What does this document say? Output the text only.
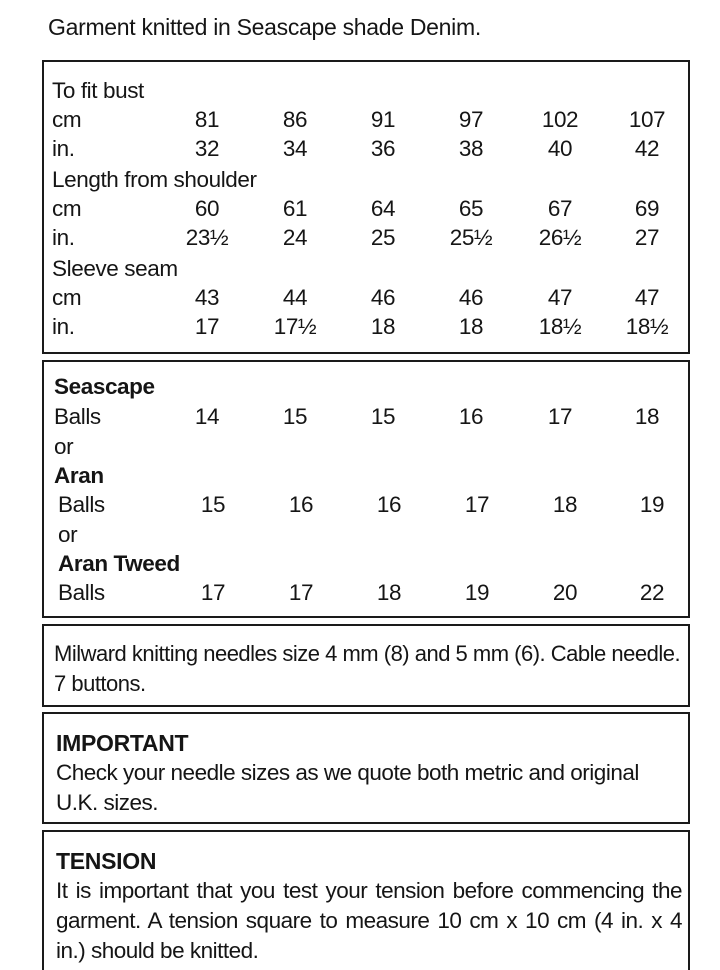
Garment knitted in Seascape shade Denim.
To fit bust
cm	81	86	91	97	102	107
in.	32	34	36	38	40	42
Length from shoulder
cm	60	61	64	65	67	69
in.	23½	24	25	25½	26½	27
Sleeve seam
cm	43	44	46	46	47	47
in.	17	17½	18	18	18½	18½
Seascape
Balls	14	15	15	16	17	18
or
Aran
Balls	15	16	16	17	18	19
or
Aran Tweed
Balls	17	17	18	19	20	22
Milward knitting needles size 4 mm (8) and 5 mm (6). Cable needle. 7 buttons.
IMPORTANT
Check your needle sizes as we quote both metric and original U.K. sizes.
TENSION
It is important that you test your tension before commencing the garment. A tension square to measure 10 cm x 10 cm (4 in. x 4 in.) should be knitted.
